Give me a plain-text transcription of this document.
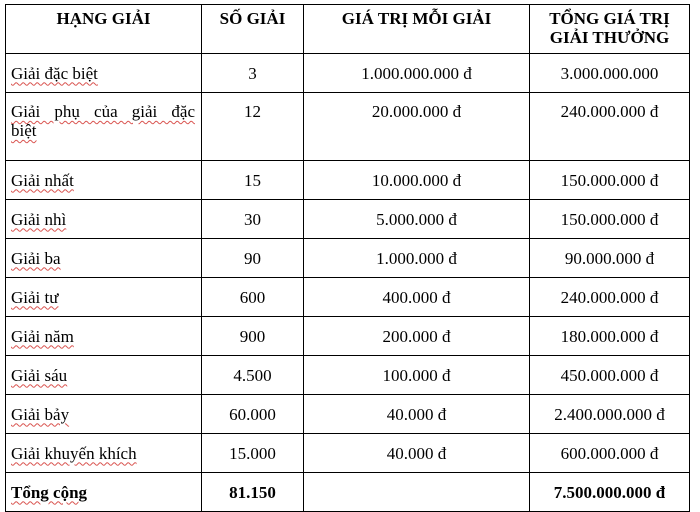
HẠNG GIẢI	SỐ GIẢI	GIÁ TRỊ MỖI GIẢI	TỔNG GIÁ TRỊ
GIẢI THƯỞNG
Giải đặc biệt	3	1.000.000.000 đ	3.000.000.000

Giải phụ của giải đặc
biệt	12	20.000.000 đ	240.000.000 đ
Giải nhất	15	10.000.000 đ	150.000.000 đ
Giải nhì	30	5.000.000 đ	150.000.000 đ
Giải ba	90	1.000.000 đ	90.000.000 đ
Giải tư	600	400.000 đ	240.000.000 đ
Giải năm	900	200.000 đ	180.000.000 đ
Giải sáu	4.500	100.000 đ	450.000.000 đ
Giải bảy	60.000	40.000 đ	2.400.000.000 đ
Giải khuyến khích	15.000	40.000 đ	600.000.000 đ
Tổng cộng	81.150		7.500.000.000 đ
